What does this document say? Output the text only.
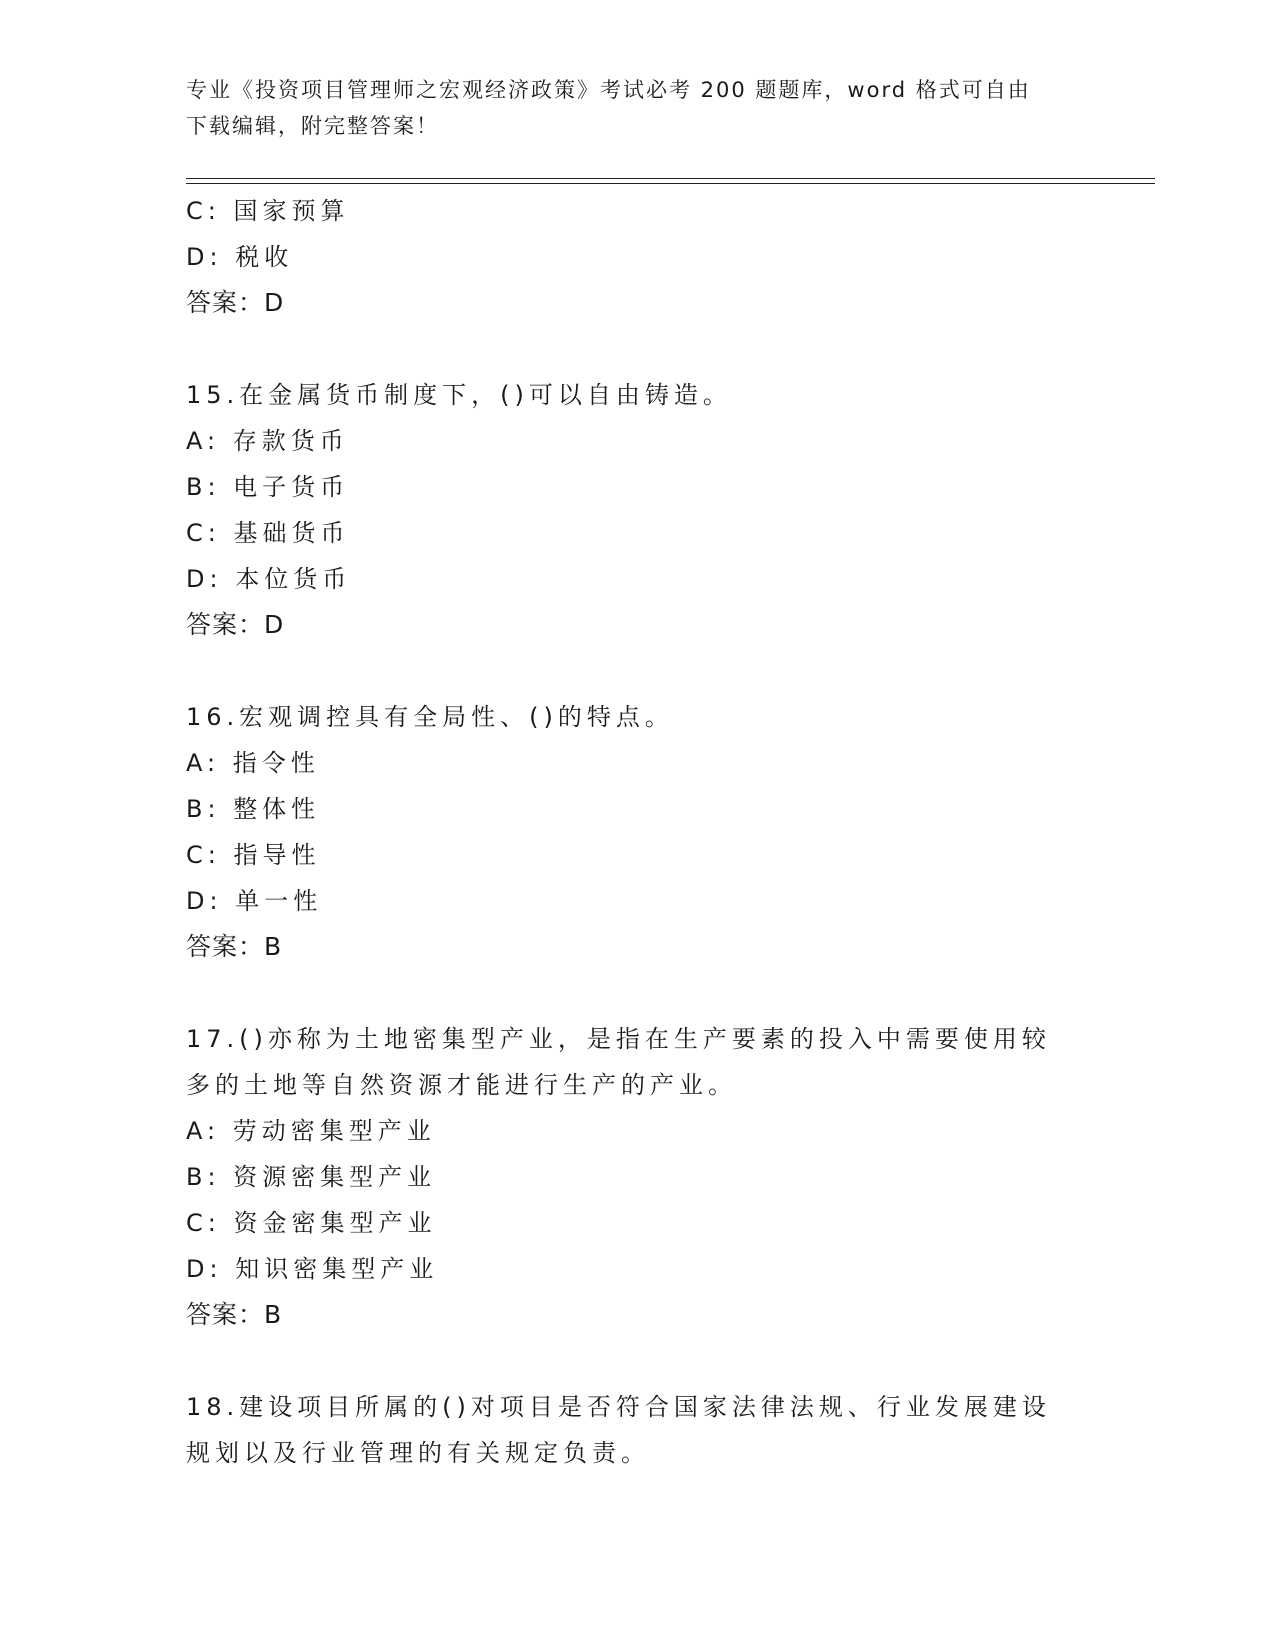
专业《投资项目管理师之宏观经济政策》考试必考 200 题题库，word 格式可自由
下载编辑，附完整答案！
C: 国家预算
D: 税收
答案：D
15.在金属货币制度下，()可以自由铸造。
A: 存款货币
B: 电子货币
C: 基础货币
D: 本位货币
答案：D
16.宏观调控具有全局性、()的特点。
A: 指令性
B: 整体性
C: 指导性
D: 单一性
答案：B
17.()亦称为土地密集型产业，是指在生产要素的投入中需要使用较多的土地等自然资源才能进行生产的产业。
A: 劳动密集型产业
B: 资源密集型产业
C: 资金密集型产业
D: 知识密集型产业
答案：B
18.建设项目所属的()对项目是否符合国家法律法规、行业发展建设规划以及行业管理的有关规定负责。
